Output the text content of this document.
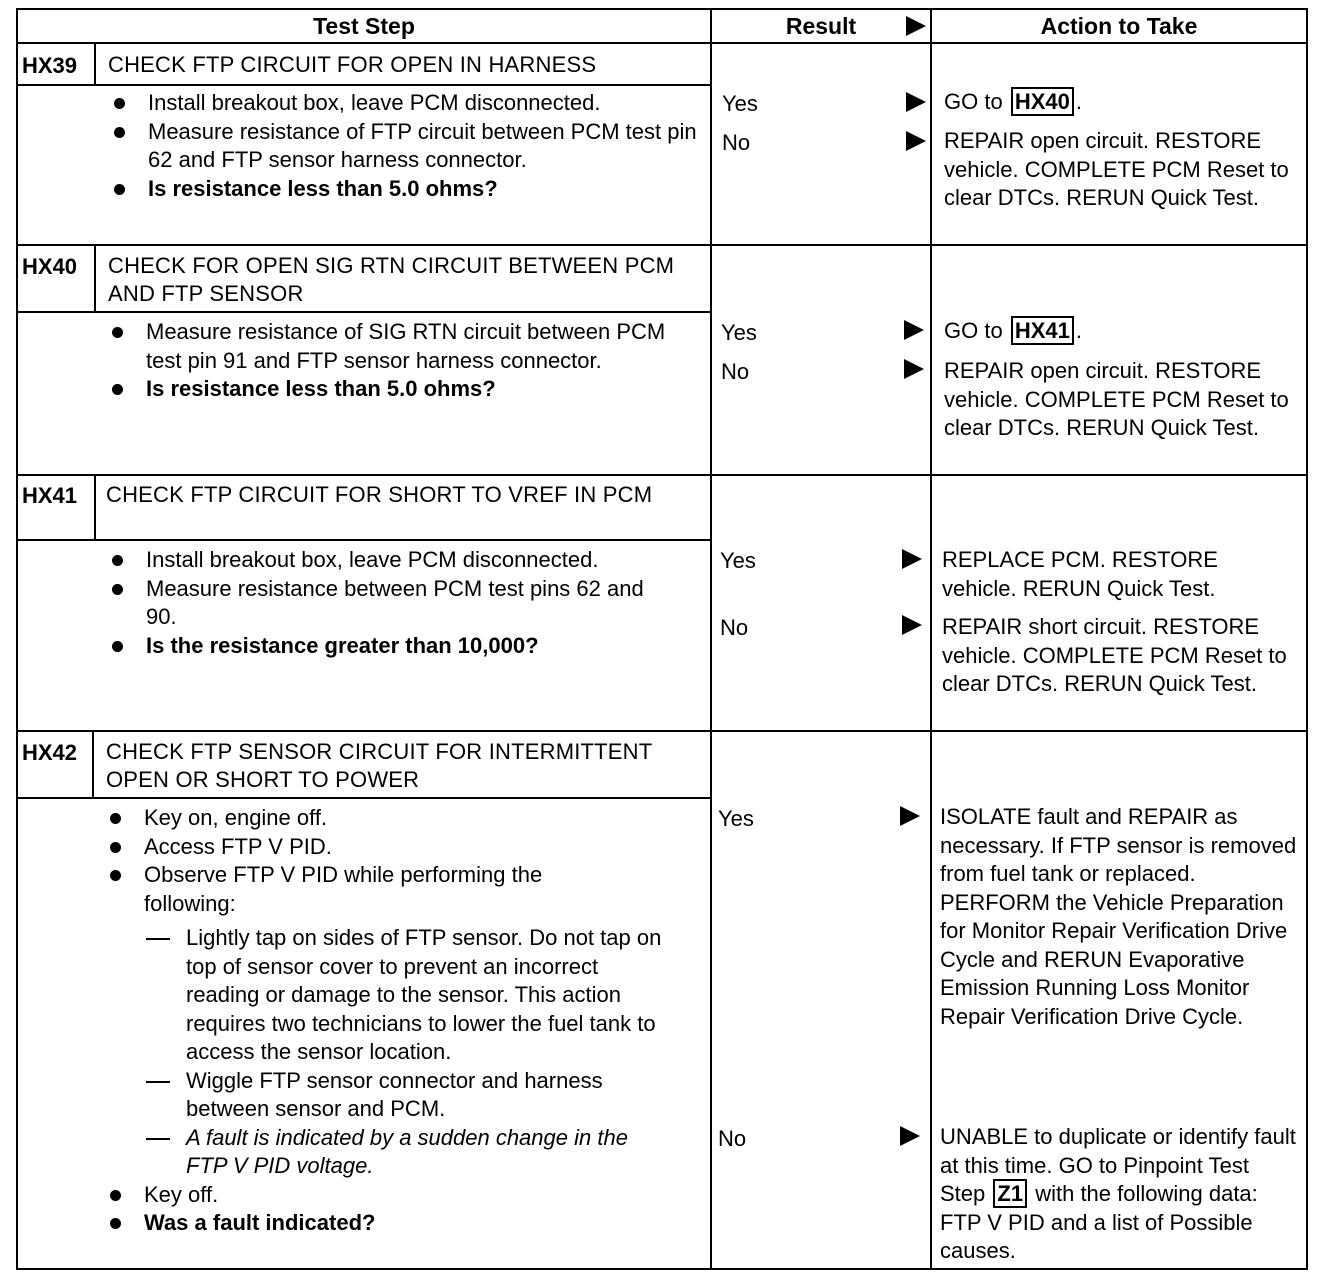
Test Step	Result	Action to Take
HX39 CHECK FTP CIRCUIT FOR OPEN IN HARNESS
Install breakout box, leave PCM disconnected.
Measure resistance of FTP circuit between PCM test pin 62 and FTP sensor harness connector.
Is resistance less than 5.0 ohms?
Yes	GO to HX40 .
No	REPAIR open circuit. RESTORE vehicle. COMPLETE PCM Reset to clear DTCs. RERUN Quick Test.
HX40 CHECK FOR OPEN SIG RTN CIRCUIT BETWEEN PCM AND FTP SENSOR
Measure resistance of SIG RTN circuit between PCM test pin 91 and FTP sensor harness connector.
Is resistance less than 5.0 ohms?
Yes	GO to HX41 .
No	REPAIR open circuit. RESTORE vehicle. COMPLETE PCM Reset to clear DTCs. RERUN Quick Test.
HX41 CHECK FTP CIRCUIT FOR SHORT TO VREF IN PCM
Install breakout box, leave PCM disconnected.
Measure resistance between PCM test pins 62 and 90.
Is the resistance greater than 10,000?
Yes	REPLACE PCM. RESTORE vehicle. RERUN Quick Test.
No	REPAIR short circuit. RESTORE vehicle. COMPLETE PCM Reset to clear DTCs. RERUN Quick Test.
HX42 CHECK FTP SENSOR CIRCUIT FOR INTERMITTENT OPEN OR SHORT TO POWER
Key on, engine off.
Access FTP V PID.
Observe FTP V PID while performing the following:
Lightly tap on sides of FTP sensor. Do not tap on top of sensor cover to prevent an incorrect reading or damage to the sensor. This action requires two technicians to lower the fuel tank to access the sensor location.
Wiggle FTP sensor connector and harness between sensor and PCM.
A fault is indicated by a sudden change in the FTP V PID voltage.
Key off.
Was a fault indicated?
Yes	ISOLATE fault and REPAIR as necessary. If FTP sensor is removed from fuel tank or replaced. PERFORM the Vehicle Preparation for Monitor Repair Verification Drive Cycle and RERUN Evaporative Emission Running Loss Monitor Repair Verification Drive Cycle.
No	UNABLE to duplicate or identify fault at this time. GO to Pinpoint Test Step Z1 with the following data: FTP V PID and a list of Possible causes.
